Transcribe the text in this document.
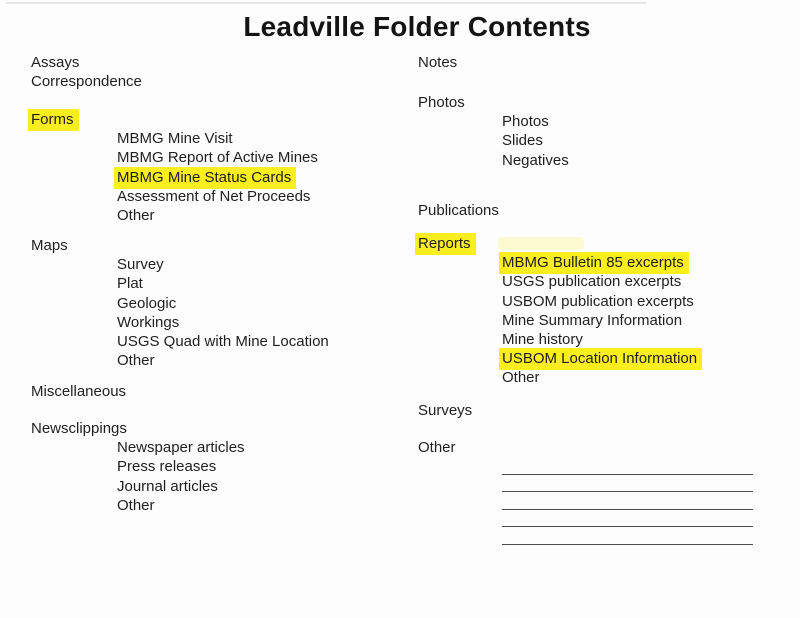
Leadville Folder Contents
Assays
Correspondence
Forms
MBMG Mine Visit
MBMG Report of Active Mines
MBMG Mine Status Cards
Assessment of Net Proceeds
Other
Maps
Survey
Plat
Geologic
Workings
USGS Quad with Mine Location
Other
Miscellaneous
Newsclippings
Newspaper articles
Press releases
Journal articles
Other
Notes
Photos
Photos
Slides
Negatives
Publications
Reports
MBMG Bulletin 85 excerpts
USGS publication excerpts
USBOM publication excerpts
Mine Summary Information
Mine history
USBOM Location Information
Other
Surveys
Other
